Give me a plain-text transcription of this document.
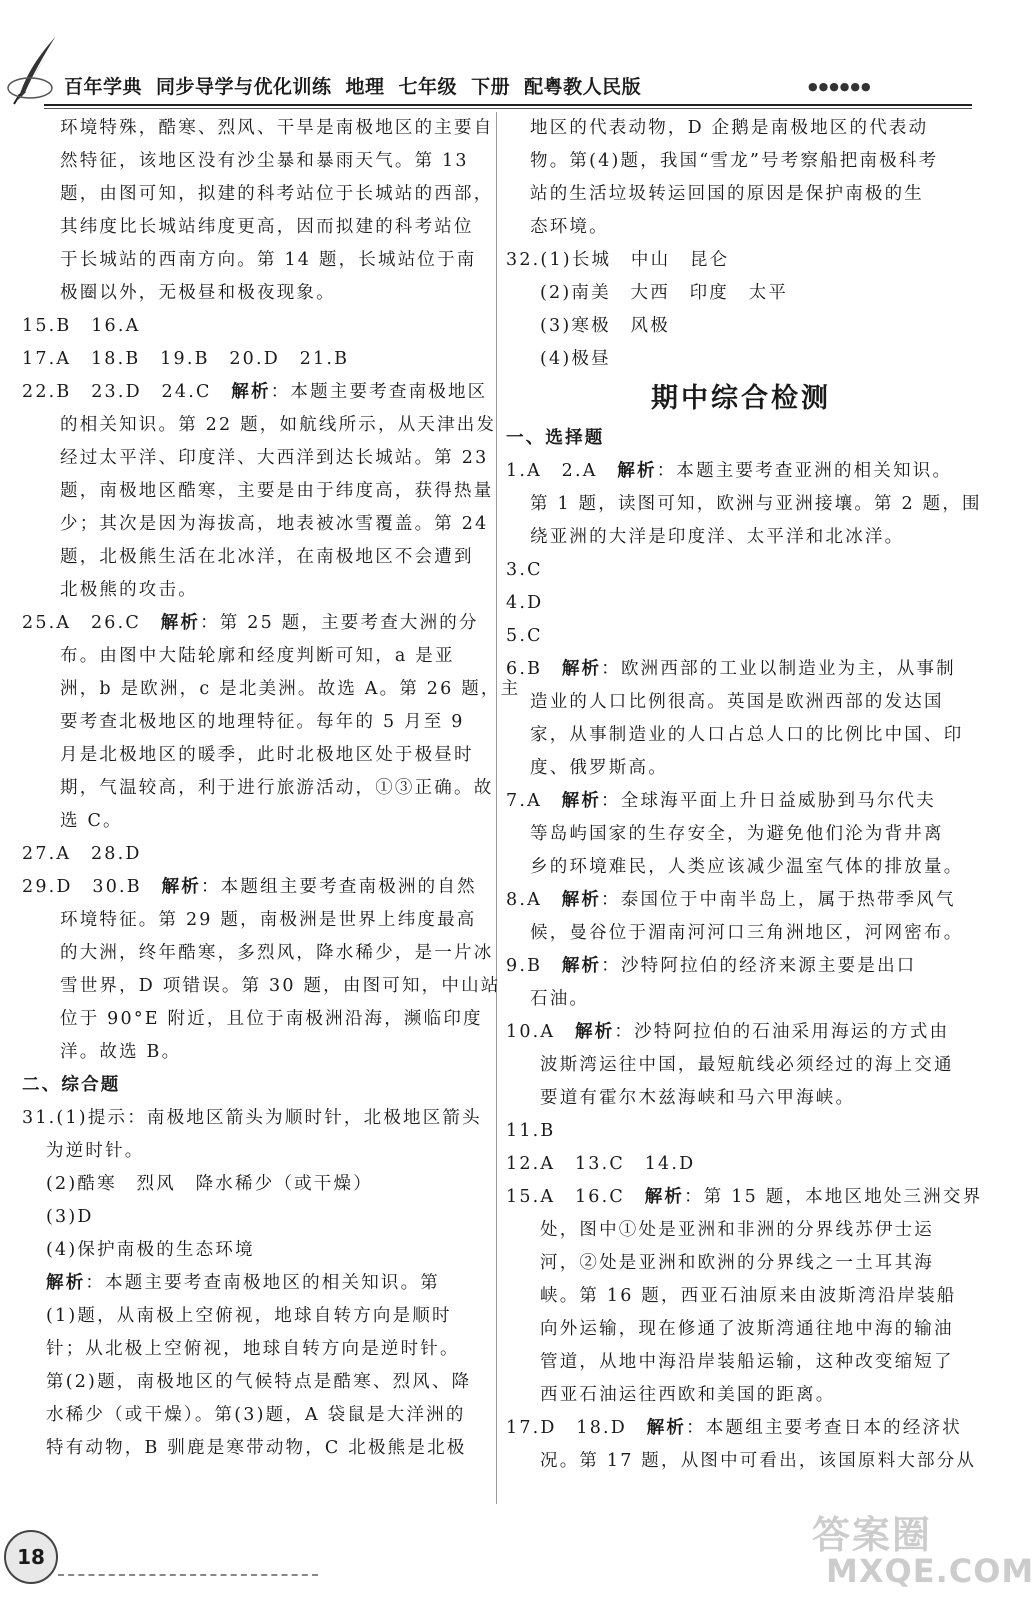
百年学典 同步导学与优化训练 地理 七年级 下册 配粤教人民版	●●●●●●
环境特殊，酷寒、烈风、干旱是南极地区的主要自
然特征，该地区没有沙尘暴和暴雨天气。第 13
题，由图可知，拟建的科考站位于长城站的西部，
其纬度比长城站纬度更高，因而拟建的科考站位
于长城站的西南方向。第 14 题，长城站位于南
极圈以外，无极昼和极夜现象。
15.B　16.A
17.A　18.B　19.B　20.D　21.B
22.B　23.D　24.C　解析：本题主要考查南极地区
的相关知识。第 22 题，如航线所示，从天津出发
经过太平洋、印度洋、大西洋到达长城站。第 23
题，南极地区酷寒，主要是由于纬度高，获得热量
少；其次是因为海拔高，地表被冰雪覆盖。第 24
题，北极熊生活在北冰洋，在南极地区不会遭到
北极熊的攻击。
25.A　26.C　解析：第 25 题，主要考查大洲的分
布。由图中大陆轮廓和经度判断可知，a 是亚
洲，b 是欧洲，c 是北美洲。故选 A。第 26 题，主
要考查北极地区的地理特征。每年的 5 月至 9
月是北极地区的暖季，此时北极地区处于极昼时
期，气温较高，利于进行旅游活动，①③正确。故
选 C。
27.A　28.D
29.D　30.B　解析：本题组主要考查南极洲的自然
环境特征。第 29 题，南极洲是世界上纬度最高
的大洲，终年酷寒，多烈风，降水稀少，是一片冰
雪世界，D 项错误。第 30 题，由图可知，中山站
位于 90°E 附近，且位于南极洲沿海，濒临印度
洋。故选 B。
二、综合题
31.(1)提示：南极地区箭头为顺时针，北极地区箭头
为逆时针。
(2)酷寒　烈风　降水稀少（或干燥）
(3)D
(4)保护南极的生态环境
解析：本题主要考查南极地区的相关知识。第
(1)题，从南极上空俯视，地球自转方向是顺时
针；从北极上空俯视，地球自转方向是逆时针。
第(2)题，南极地区的气候特点是酷寒、烈风、降
水稀少（或干燥）。第(3)题，A 袋鼠是大洋洲的
特有动物，B 驯鹿是寒带动物，C 北极熊是北极
地区的代表动物，D 企鹅是南极地区的代表动
物。第(4)题，我国“雪龙”号考察船把南极科考
站的生活垃圾转运回国的原因是保护南极的生
态环境。
32.(1)长城　中山　昆仑
(2)南美　大西　印度　太平
(3)寒极　风极
(4)极昼
期中综合检测
一、选择题
1.A　2.A　解析：本题主要考查亚洲的相关知识。
第 1 题，读图可知，欧洲与亚洲接壤。第 2 题，围
绕亚洲的大洋是印度洋、太平洋和北冰洋。
3.C
4.D
5.C
6.B　解析：欧洲西部的工业以制造业为主，从事制
造业的人口比例很高。英国是欧洲西部的发达国
家，从事制造业的人口占总人口的比例比中国、印
度、俄罗斯高。
7.A　解析：全球海平面上升日益威胁到马尔代夫
等岛屿国家的生存安全，为避免他们沦为背井离
乡的环境难民，人类应该减少温室气体的排放量。
8.A　解析：泰国位于中南半岛上，属于热带季风气
候，曼谷位于湄南河河口三角洲地区，河网密布。
9.B　解析：沙特阿拉伯的经济来源主要是出口
石油。
10.A　解析：沙特阿拉伯的石油采用海运的方式由
波斯湾运往中国，最短航线必须经过的海上交通
要道有霍尔木兹海峡和马六甲海峡。
11.B
12.A　13.C　14.D
15.A　16.C　解析：第 15 题，本地区地处三洲交界
处，图中①处是亚洲和非洲的分界线苏伊士运
河，②处是亚洲和欧洲的分界线之一土耳其海
峡。第 16 题，西亚石油原来由波斯湾沿岸装船
向外运输，现在修通了波斯湾通往地中海的输油
管道，从地中海沿岸装船运输，这种改变缩短了
西亚石油运往西欧和美国的距离。
17.D　18.D　解析：本题组主要考查日本的经济状
况。第 17 题，从图中可看出，该国原料大部分从
18	答案圈
MXQE.COM
